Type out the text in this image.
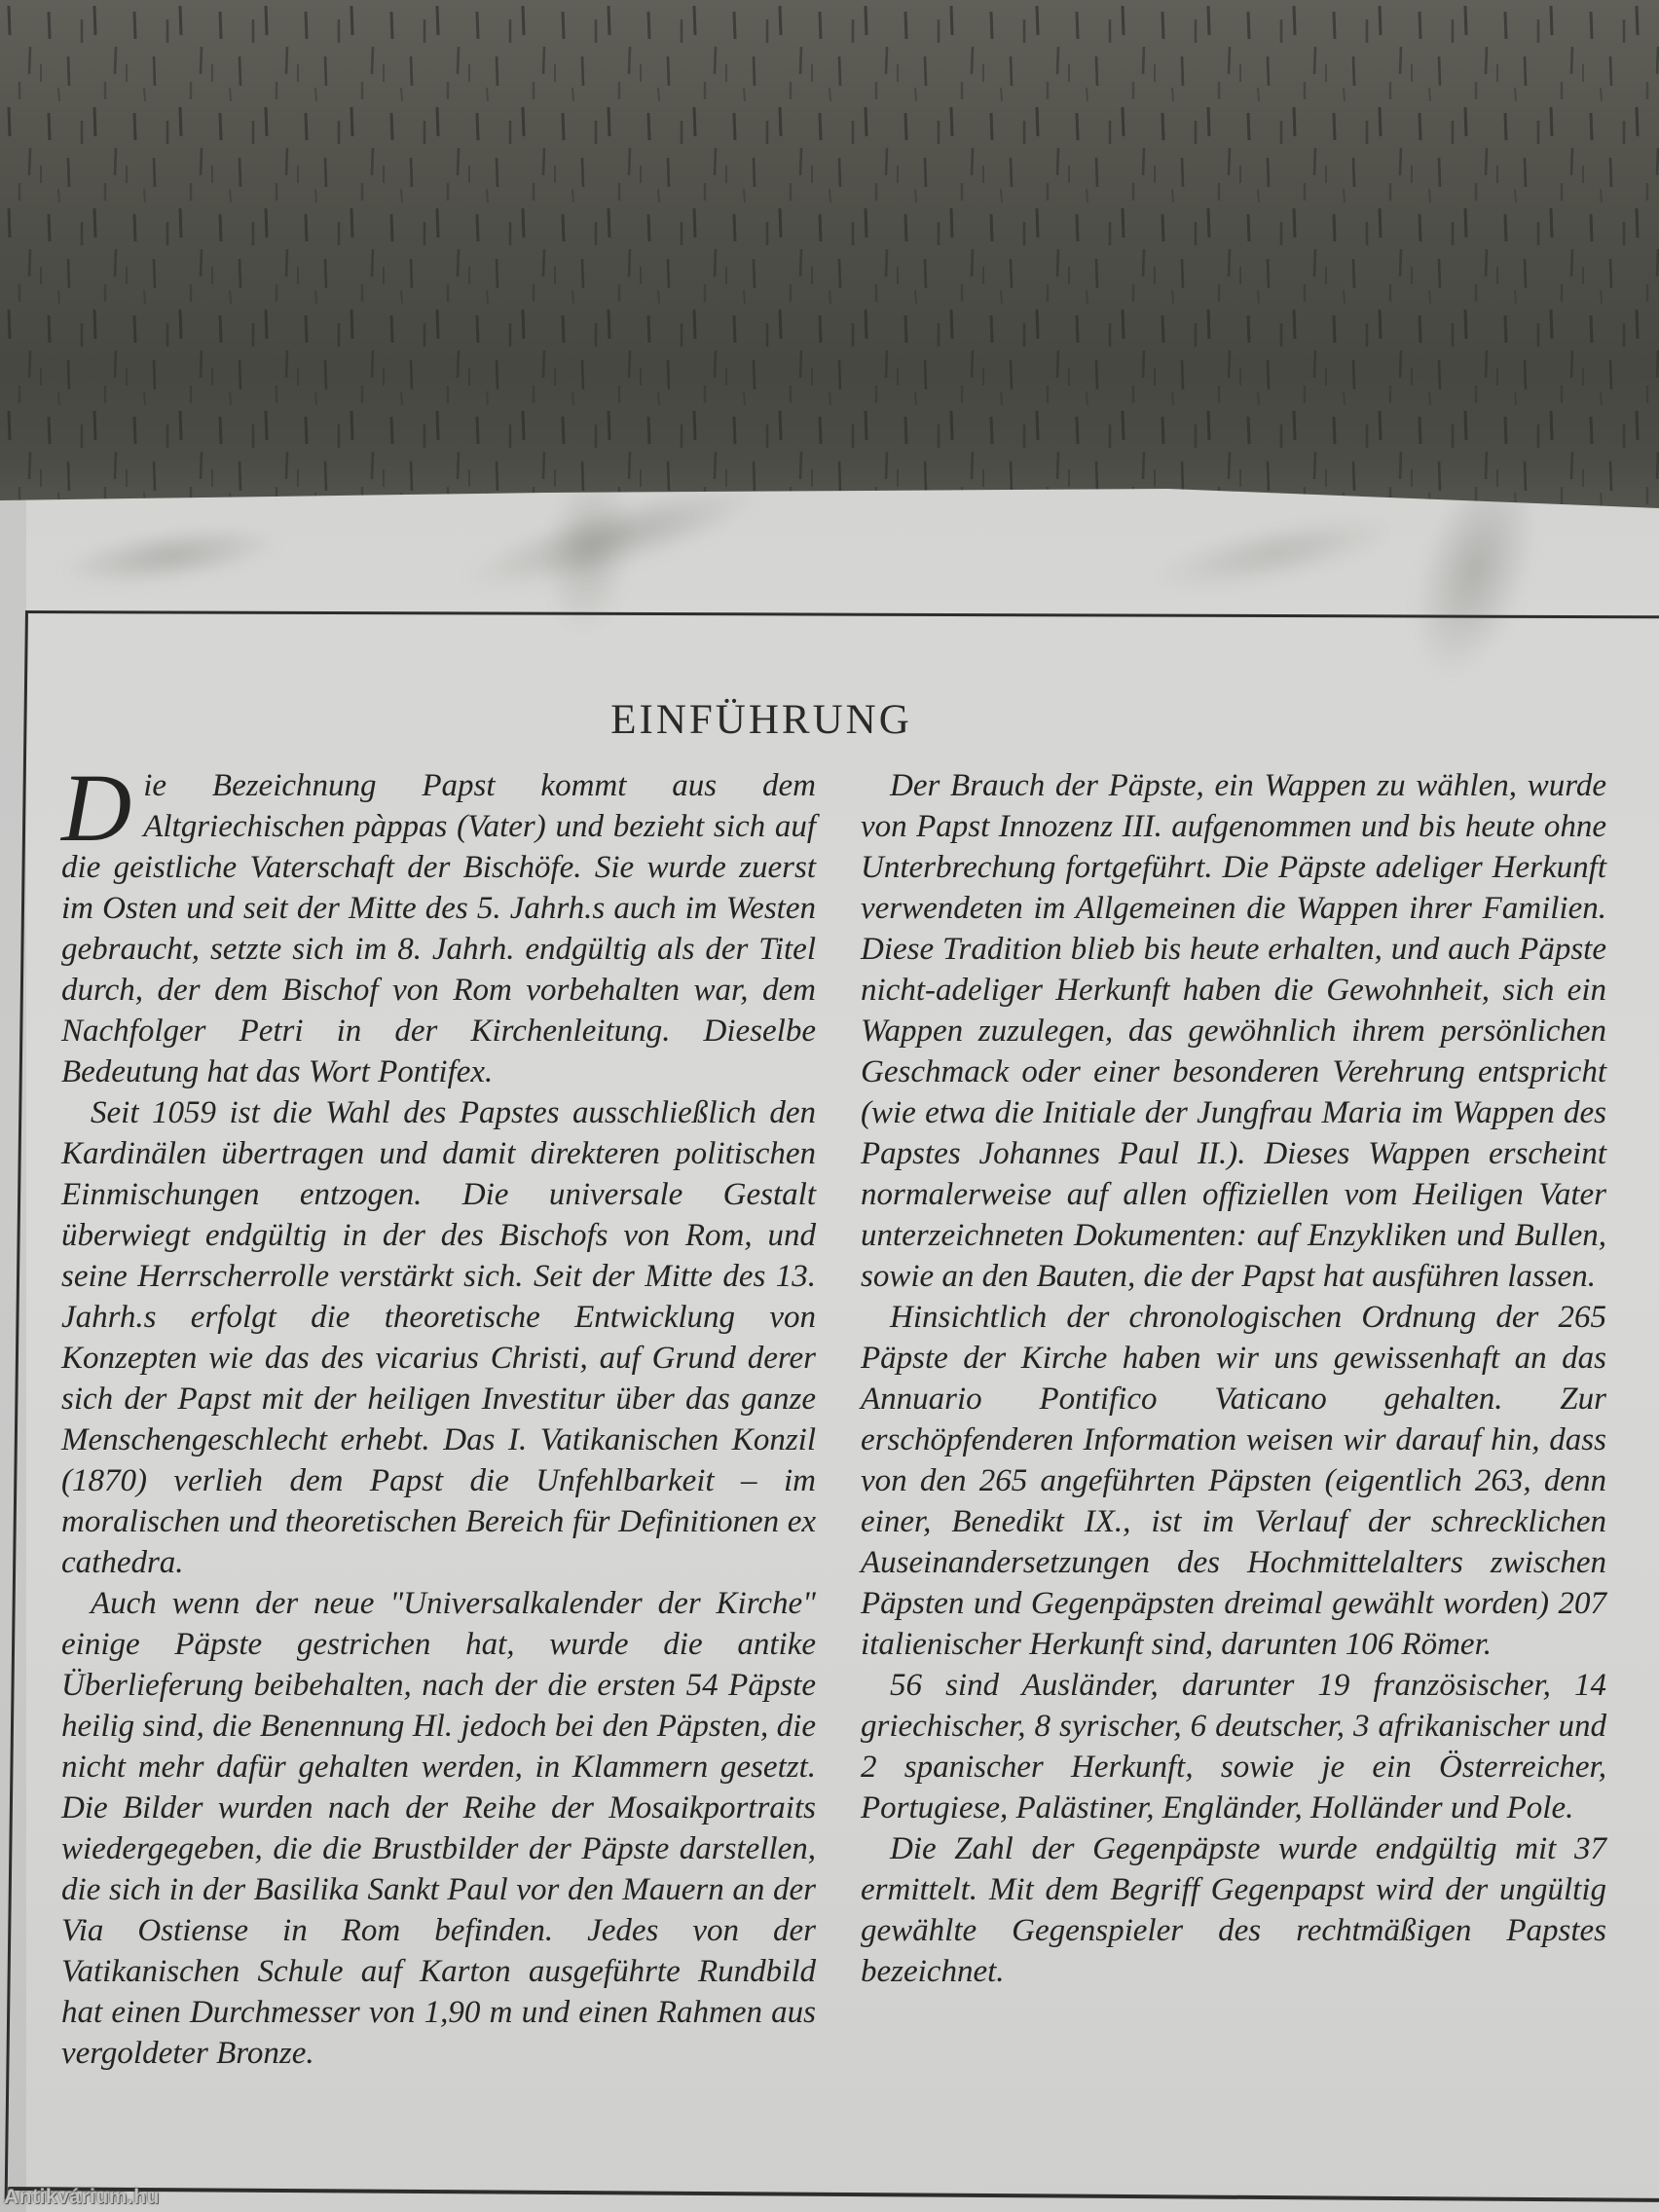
EINFÜHRUNG

Die Bezeichnung Papst kommt aus dem Altgriechischen pàppas (Vater) und bezieht sich auf die geistliche Vaterschaft der Bischöfe. Sie wurde zuerst im Osten und seit der Mitte des 5. Jahrh.s auch im Westen gebraucht, setzte sich im 8. Jahrh. endgültig als der Titel durch, der dem Bischof von Rom vorbehalten war, dem Nachfolger Petri in der Kirchenleitung. Dieselbe Bedeutung hat das Wort Pontifex.

Seit 1059 ist die Wahl des Papstes ausschließlich den Kardinälen übertragen und damit direkteren politischen Einmischungen entzogen. Die universale Gestalt überwiegt endgültig in der des Bischofs von Rom, und seine Herrscherrolle verstärkt sich. Seit der Mitte des 13. Jahrh.s erfolgt die theoretische Entwicklung von Konzepten wie das des vicarius Christi, auf Grund derer sich der Papst mit der heiligen Investitur über das ganze Menschengeschlecht erhebt. Das I. Vatikanischen Konzil (1870) verlieh dem Papst die Unfehlbarkeit – im moralischen und theoretischen Bereich für Definitionen ex cathedra.

Auch wenn der neue "Universalkalender der Kirche" einige Päpste gestrichen hat, wurde die antike Überlieferung beibehalten, nach der die ersten 54 Päpste heilig sind, die Benennung Hl. jedoch bei den Päpsten, die nicht mehr dafür gehalten werden, in Klammern gesetzt. Die Bilder wurden nach der Reihe der Mosaikportraits wiedergegeben, die die Brustbilder der Päpste darstellen, die sich in der Basilika Sankt Paul vor den Mauern an der Via Ostiense in Rom befinden. Jedes von der Vatikanischen Schule auf Karton ausgeführte Rundbild hat einen Durchmesser von 1,90 m und einen Rahmen aus vergoldeter Bronze.

Der Brauch der Päpste, ein Wappen zu wählen, wurde von Papst Innozenz III. aufgenommen und bis heute ohne Unterbrechung fortgeführt. Die Päpste adeliger Herkunft verwendeten im Allgemeinen die Wappen ihrer Familien. Diese Tradition blieb bis heute erhalten, und auch Päpste nicht-adeliger Herkunft haben die Gewohnheit, sich ein Wappen zuzulegen, das gewöhnlich ihrem persönlichen Geschmack oder einer besonderen Verehrung entspricht (wie etwa die Initiale der Jungfrau Maria im Wappen des Papstes Johannes Paul II.). Dieses Wappen erscheint normalerweise auf allen offiziellen vom Heiligen Vater unterzeichneten Dokumenten: auf Enzykliken und Bullen, sowie an den Bauten, die der Papst hat ausführen lassen.

Hinsichtlich der chronologischen Ordnung der 265 Päpste der Kirche haben wir uns gewissenhaft an das Annuario Pontifico Vaticano gehalten. Zur erschöpfenderen Information weisen wir darauf hin, dass von den 265 angeführten Päpsten (eigentlich 263, denn einer, Benedikt IX., ist im Verlauf der schrecklichen Auseinandersetzungen des Hochmittelalters zwischen Päpsten und Gegenpäpsten dreimal gewählt worden) 207 italienischer Herkunft sind, darunten 106 Römer.

56 sind Ausländer, darunter 19 französischer, 14 griechischer, 8 syrischer, 6 deutscher, 3 afrikanischer und 2 spanischer Herkunft, sowie je ein Österreicher, Portugiese, Palästiner, Engländer, Holländer und Pole.

Die Zahl der Gegenpäpste wurde endgültig mit 37 ermittelt. Mit dem Begriff Gegenpapst wird der ungültig gewählte Gegenspieler des rechtmäßigen Papstes bezeichnet.

Antikvárium.hu
